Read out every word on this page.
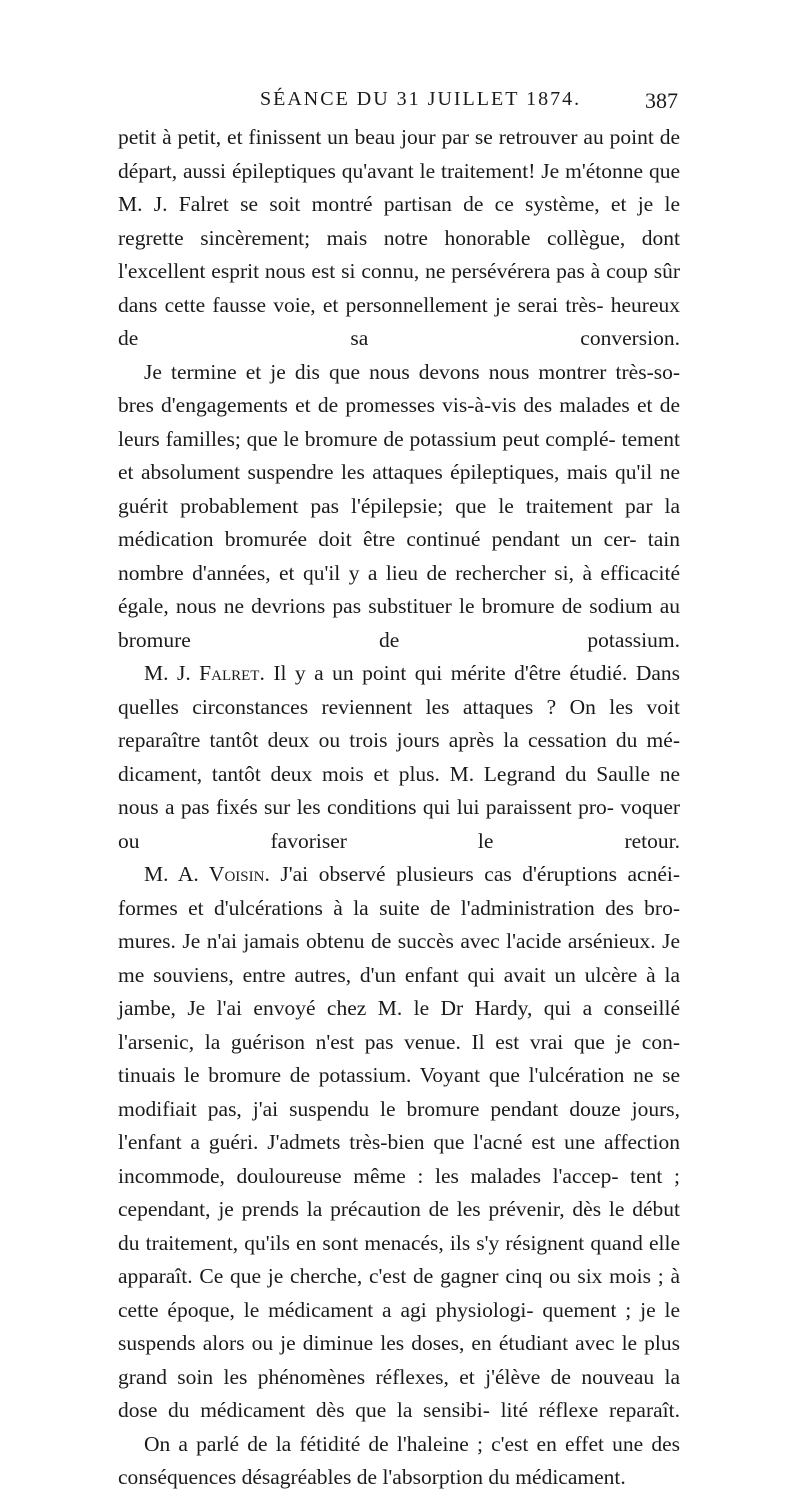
SÉANCE DU 31 JUILLET 1874.	387

petit à petit, et finissent un beau jour par se retrouver au point de départ, aussi épileptiques qu'avant le traitement! Je m'étonne que M. J. Falret se soit montré partisan de ce système, et je le regrette sincèrement; mais notre honorable collègue, dont l'excellent esprit nous est si connu, ne persévérera pas à coup sûr dans cette fausse voie, et personnellement je serai très- heureux de sa conversion.

Je termine et je dis que nous devons nous montrer très-so- bres d'engagements et de promesses vis-à-vis des malades et de leurs familles; que le bromure de potassium peut complé- tement et absolument suspendre les attaques épileptiques, mais qu'il ne guérit probablement pas l'épilepsie; que le traitement par la médication bromurée doit être continué pendant un cer- tain nombre d'années, et qu'il y a lieu de rechercher si, à efficacité égale, nous ne devrions pas substituer le bromure de sodium au bromure de potassium.

M. J. Falret. Il y a un point qui mérite d'être étudié. Dans quelles circonstances reviennent les attaques ? On les voit reparaître tantôt deux ou trois jours après la cessation du mé- dicament, tantôt deux mois et plus. M. Legrand du Saulle ne nous a pas fixés sur les conditions qui lui paraissent pro- voquer ou favoriser le retour.

M. A. Voisin. J'ai observé plusieurs cas d'éruptions acnéi- formes et d'ulcérations à la suite de l'administration des bro- mures. Je n'ai jamais obtenu de succès avec l'acide arsénieux. Je me souviens, entre autres, d'un enfant qui avait un ulcère à la jambe, Je l'ai envoyé chez M. le Dr Hardy, qui a conseillé l'arsenic, la guérison n'est pas venue. Il est vrai que je con- tinuais le bromure de potassium. Voyant que l'ulcération ne se modifiait pas, j'ai suspendu le bromure pendant douze jours, l'enfant a guéri. J'admets très-bien que l'acné est une affection incommode, douloureuse même : les malades l'accep- tent ; cependant, je prends la précaution de les prévenir, dès le début du traitement, qu'ils en sont menacés, ils s'y résignent quand elle apparaît. Ce que je cherche, c'est de gagner cinq ou six mois ; à cette époque, le médicament a agi physiologi- quement ; je le suspends alors ou je diminue les doses, en étudiant avec le plus grand soin les phénomènes réflexes, et j'élève de nouveau la dose du médicament dès que la sensibi- lité réflexe reparaît.

On a parlé de la fétidité de l'haleine ; c'est en effet une des conséquences désagréables de l'absorption du médicament.
